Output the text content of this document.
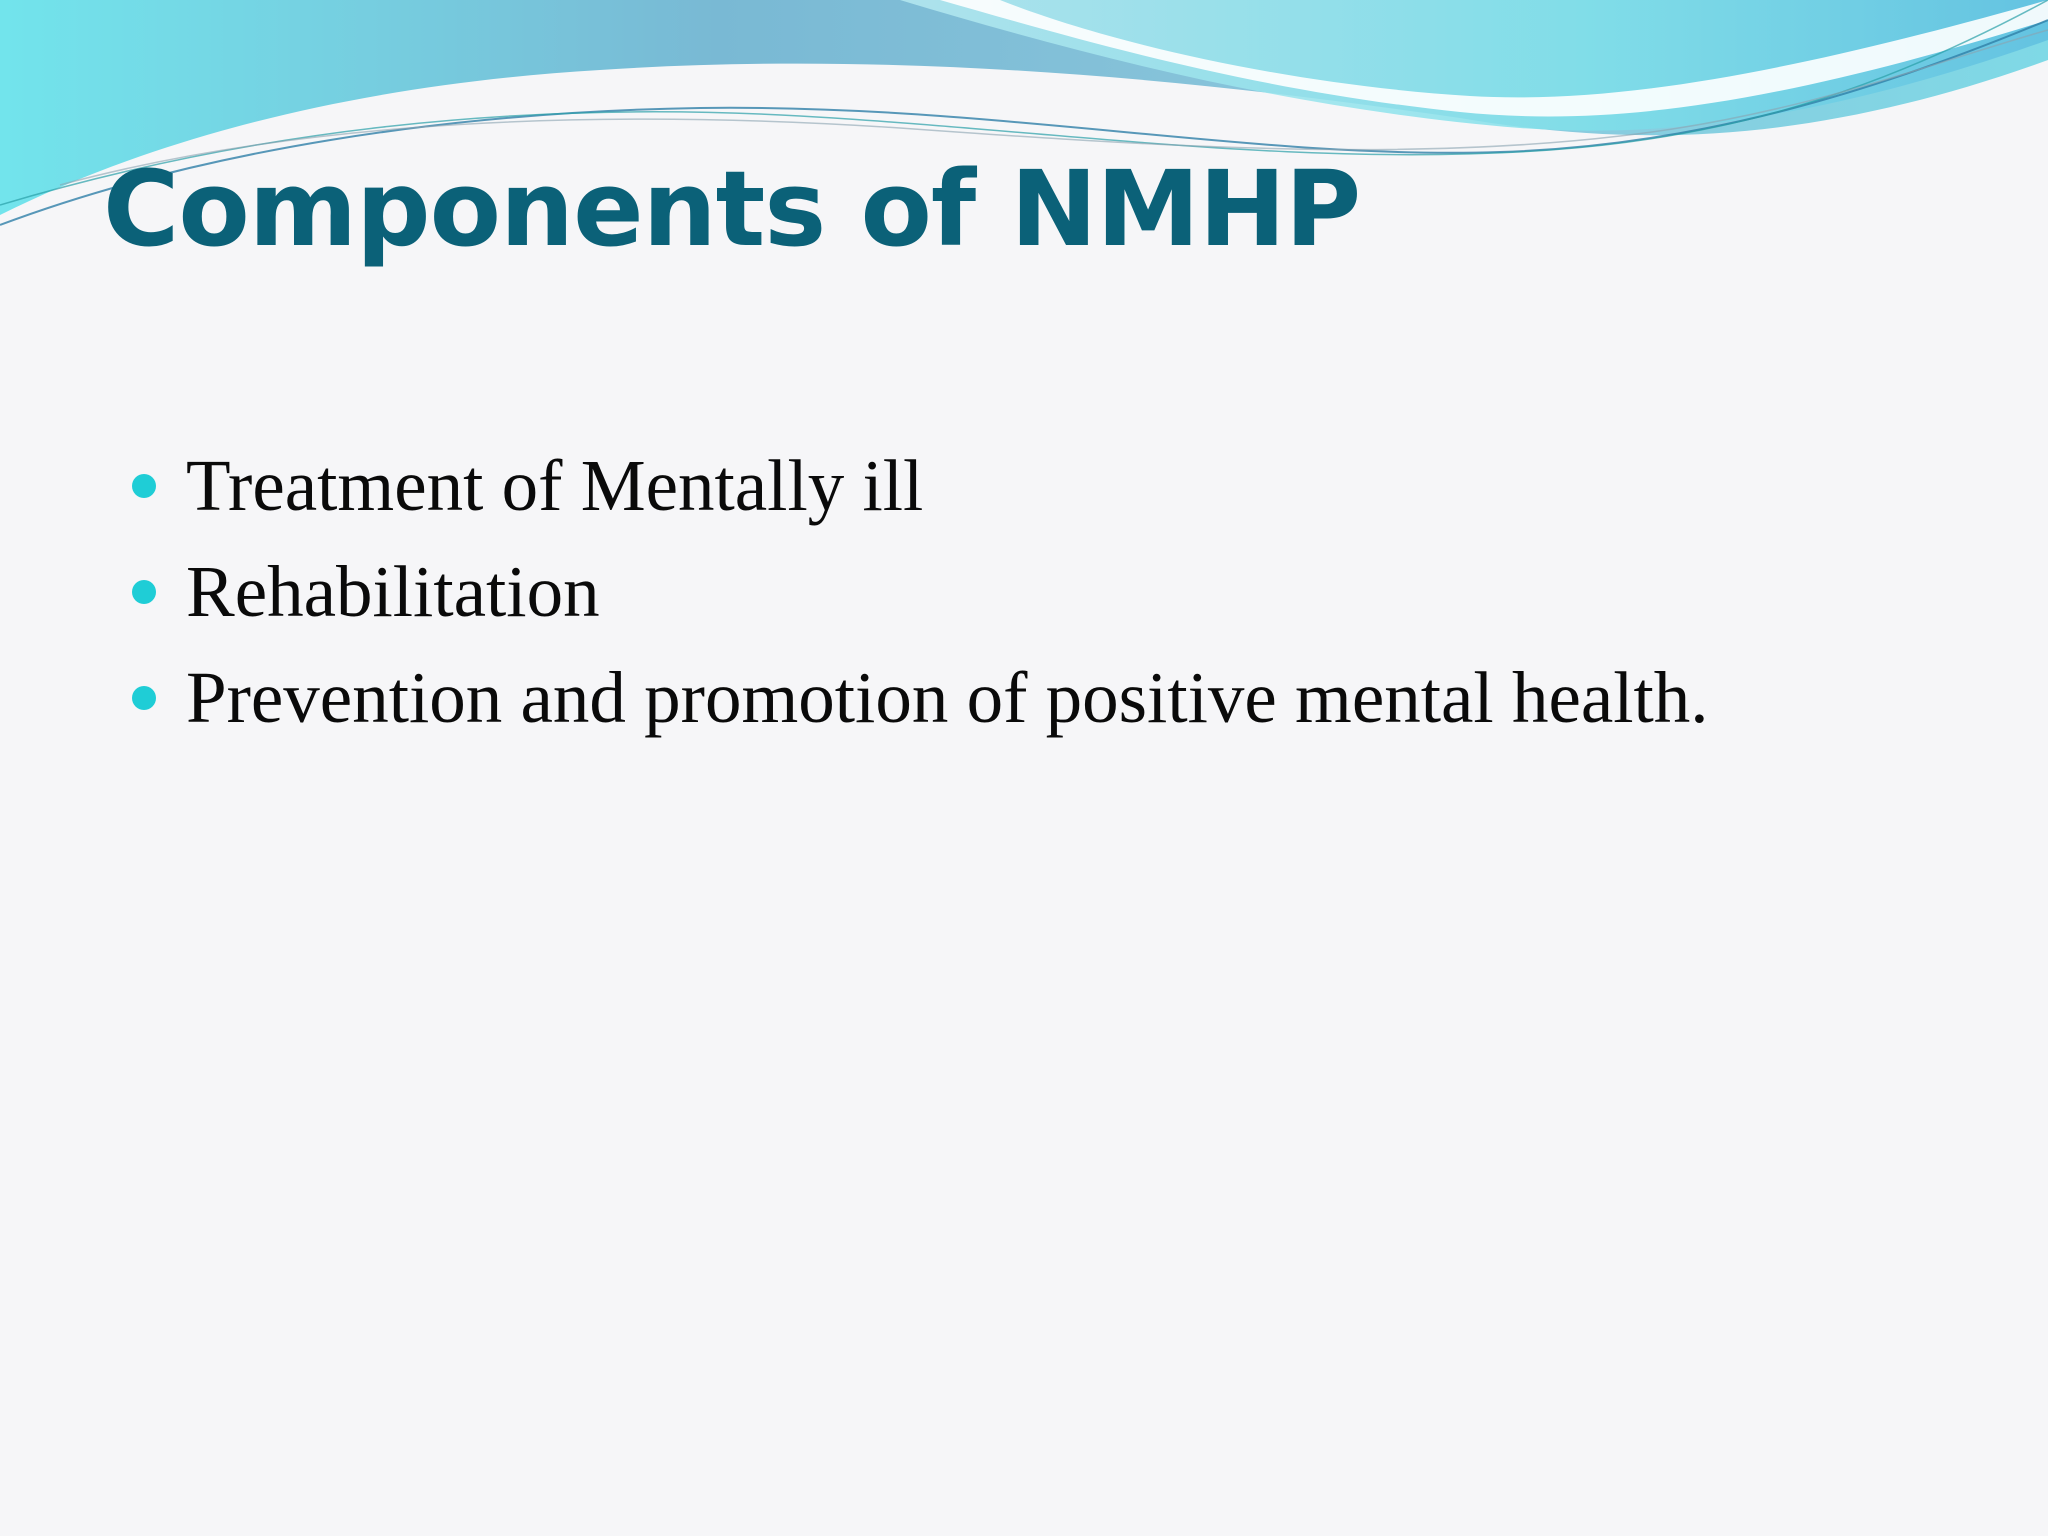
Components of NMHP
Treatment of Mentally ill
Rehabilitation
Prevention and promotion of positive mental health.
